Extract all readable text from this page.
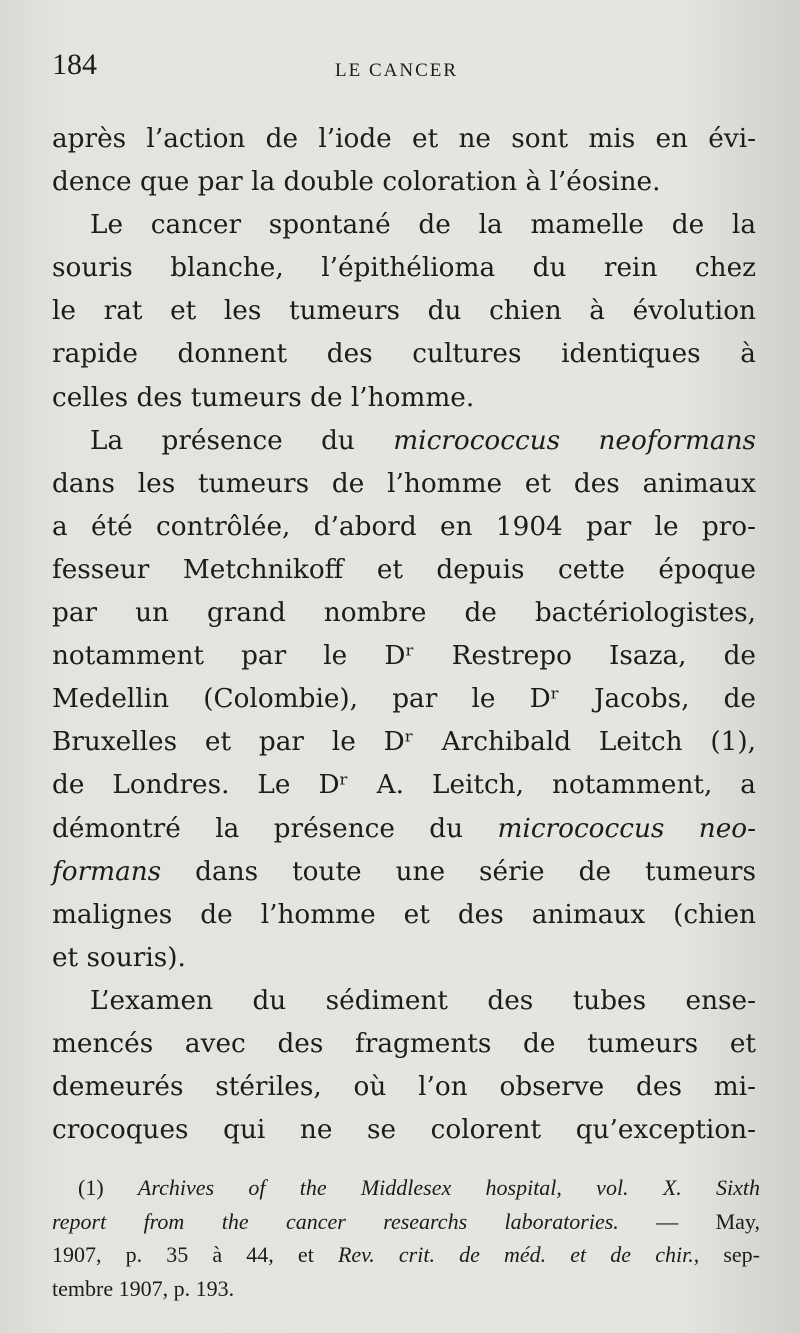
184	LE CANCER
après l’action de l’iode et ne sont mis en évi-
dence que par la double coloration à l’éosine.
Le cancer spontané de la mamelle de la
souris blanche, l’épithélioma du rein chez
le rat et les tumeurs du chien à évolution
rapide donnent des cultures identiques à
celles des tumeurs de l’homme.
La présence du micrococcus neoformans
dans les tumeurs de l’homme et des animaux
a été contrôlée, d’abord en 1904 par le pro-
fesseur Metchnikoff et depuis cette époque
par un grand nombre de bactériologistes,
notamment par le Dʳ Restrepo Isaza, de
Medellin (Colombie), par le Dʳ Jacobs, de
Bruxelles et par le Dʳ Archibald Leitch (1),
de Londres. Le Dʳ A. Leitch, notamment, a
démontré la présence du micrococcus neo-
formans dans toute une série de tumeurs
malignes de l’homme et des animaux (chien
et souris).
L’examen du sédiment des tubes ense-
mencés avec des fragments de tumeurs et
demeurés stériles, où l’on observe des mi-
crocoques qui ne se colorent qu’exception-
(1) Archives of the Middlesex hospital, vol. X. Sixth
report from the cancer researchs laboratories. — May,
1907, p. 35 à 44, et Rev. crit. de méd. et de chir., sep-
tembre 1907, p. 193.
